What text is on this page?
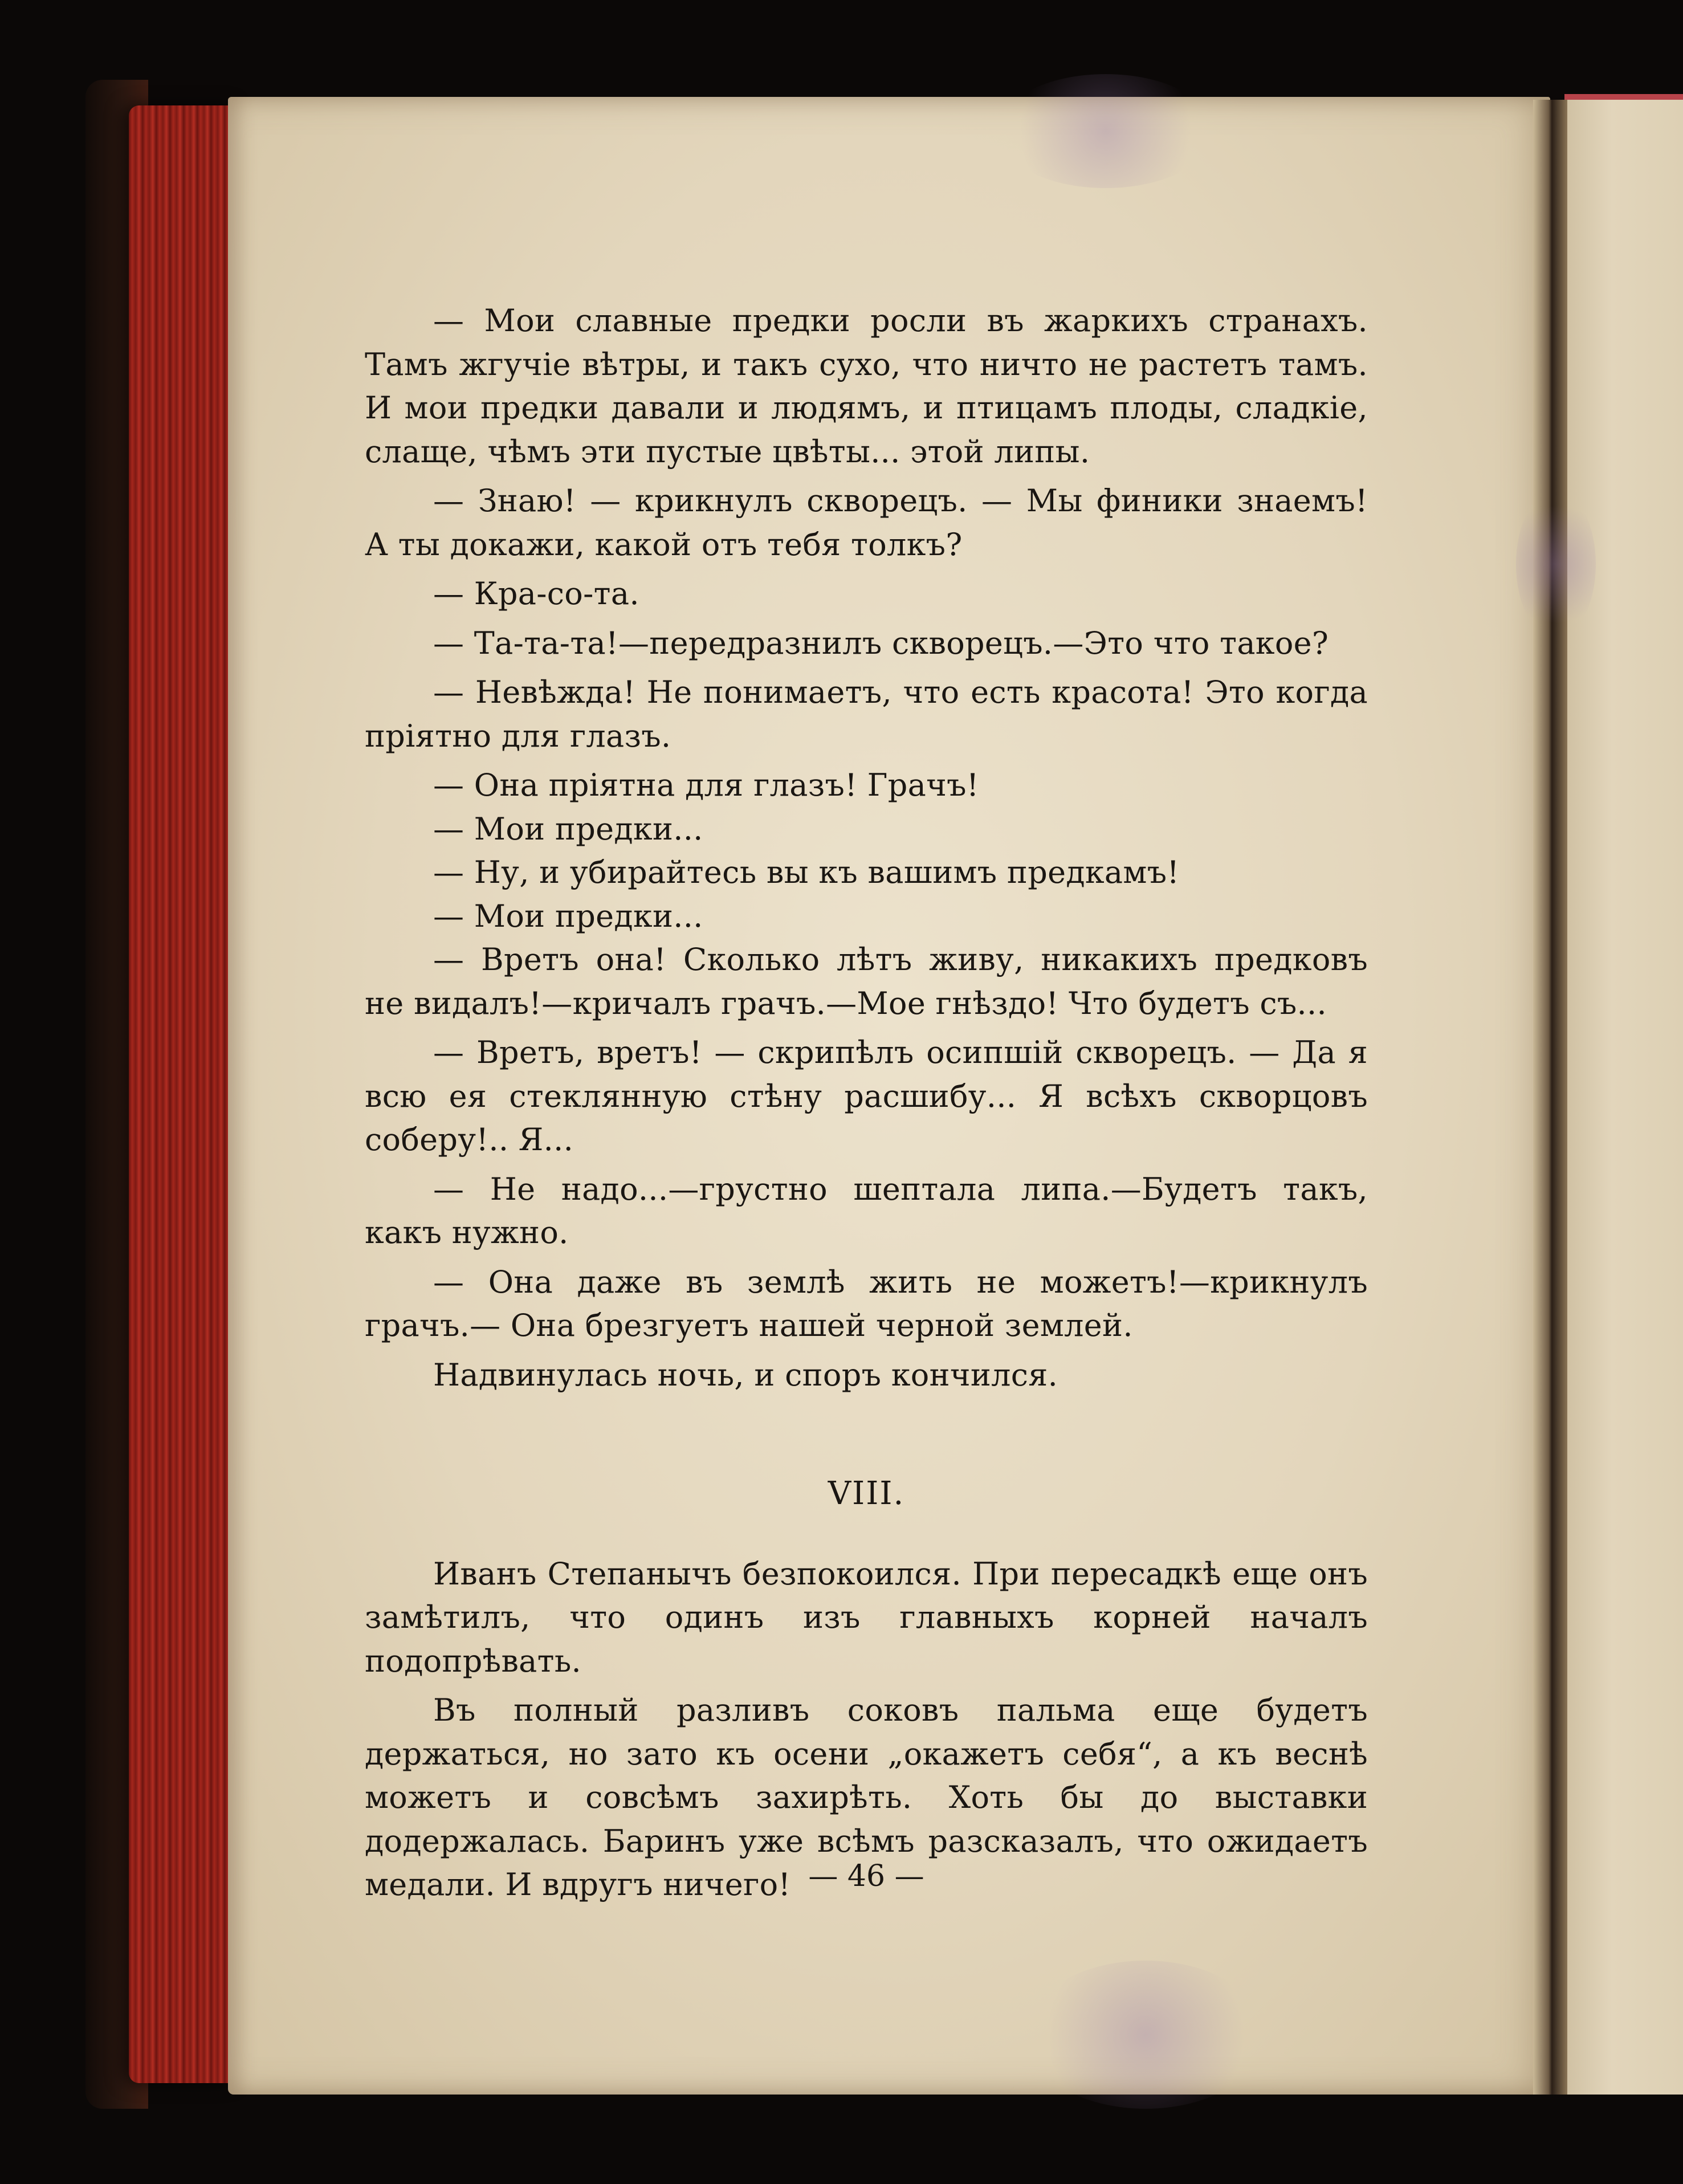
— Мои славные предки росли въ жаркихъ странахъ. Тамъ жгучіе вѣтры, и такъ сухо, что ничто не растетъ тамъ. И мои предки давали и людямъ, и птицамъ плоды, сладкіе, слаще, чѣмъ эти пустые цвѣты... этой липы.

— Знаю! — крикнулъ скворецъ. — Мы финики знаемъ! А ты докажи, какой отъ тебя толкъ?

— Кра-со-та.

— Та-та-та!—передразнилъ скворецъ.—Это что такое?

— Невѣжда! Не понимаетъ, что есть красота! Это когда пріятно для глазъ.

— Она пріятна для глазъ! Грачъ!

— Мои предки...

— Ну, и убирайтесь вы къ вашимъ предкамъ!

— Мои предки...

— Вретъ она! Сколько лѣтъ живу, никакихъ предковъ не видалъ!—кричалъ грачъ.—Мое гнѣздо! Что будетъ съ...

— Вретъ, вретъ! — скрипѣлъ осипшій скворецъ. — Да я всю ея стеклянную стѣну расшибу... Я всѣхъ скворцовъ соберу!.. Я...

— Не надо...—грустно шептала липа.—Будетъ такъ, какъ нужно.

— Она даже въ землѣ жить не можетъ!—крикнулъ грачъ.— Она брезгуетъ нашей черной землей.

Надвинулась ночь, и споръ кончился.

VIII.

Иванъ Степанычъ безпокоился. При пересадкѣ еще онъ замѣтилъ, что одинъ изъ главныхъ корней началъ подопрѣвать.

Въ полный разливъ соковъ пальма еще будетъ держаться, но зато къ осени „окажетъ себя“, а къ веснѣ можетъ и совсѣмъ захирѣть. Хоть бы до выставки додержалась. Баринъ уже всѣмъ разсказалъ, что ожидаетъ медали. И вдругъ ничего! — 46 —
